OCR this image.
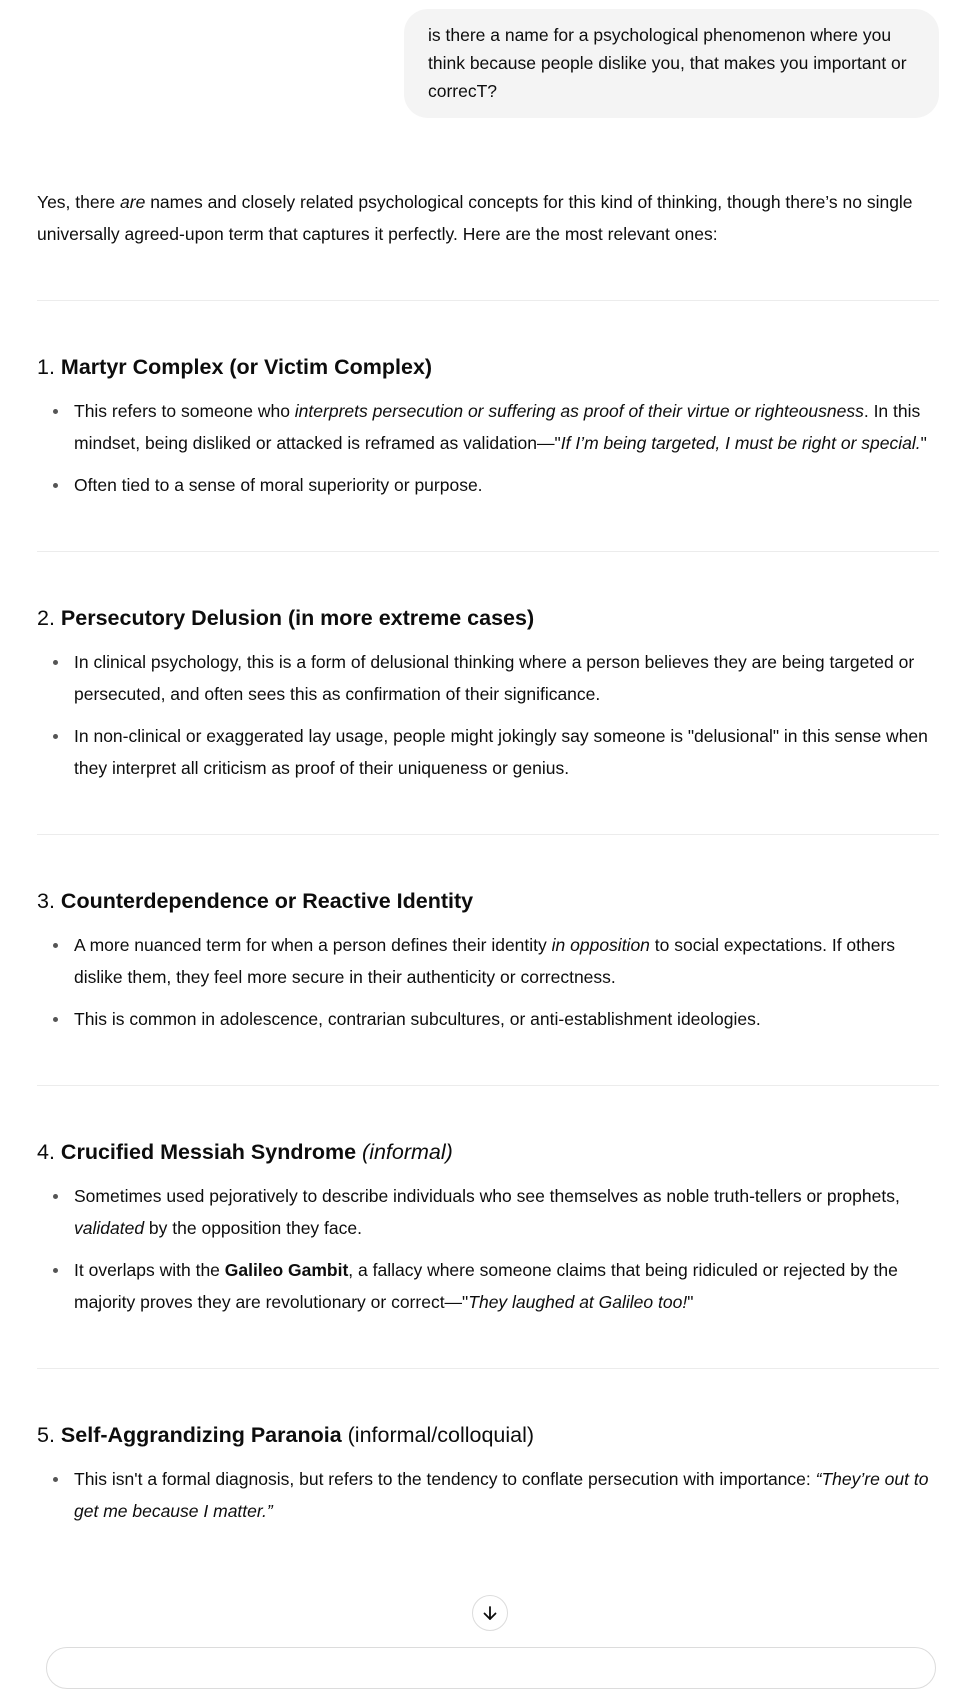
is there a name for a psychological phenomenon where you think because people dislike you, that makes you important or correcT?

Yes, there are names and closely related psychological concepts for this kind of thinking, though there’s no single universally agreed-upon term that captures it perfectly. Here are the most relevant ones:

1. Martyr Complex (or Victim Complex)
This refers to someone who interprets persecution or suffering as proof of their virtue or righteousness. In this mindset, being disliked or attacked is reframed as validation—"If I’m being targeted, I must be right or special."
Often tied to a sense of moral superiority or purpose.
2. Persecutory Delusion (in more extreme cases)
In clinical psychology, this is a form of delusional thinking where a person believes they are being targeted or persecuted, and often sees this as confirmation of their significance.
In non-clinical or exaggerated lay usage, people might jokingly say someone is "delusional" in this sense when they interpret all criticism as proof of their uniqueness or genius.
3. Counterdependence or Reactive Identity
A more nuanced term for when a person defines their identity in opposition to social expectations. If others dislike them, they feel more secure in their authenticity or correctness.
This is common in adolescence, contrarian subcultures, or anti-establishment ideologies.
4. Crucified Messiah Syndrome (informal)
Sometimes used pejoratively to describe individuals who see themselves as noble truth-tellers or prophets, validated by the opposition they face.
It overlaps with the Galileo Gambit, a fallacy where someone claims that being ridiculed or rejected by the majority proves they are revolutionary or correct—"They laughed at Galileo too!"
5. Self-Aggrandizing Paranoia (informal/colloquial)
This isn't a formal diagnosis, but refers to the tendency to conflate persecution with importance: “They’re out to get me because I matter.”
